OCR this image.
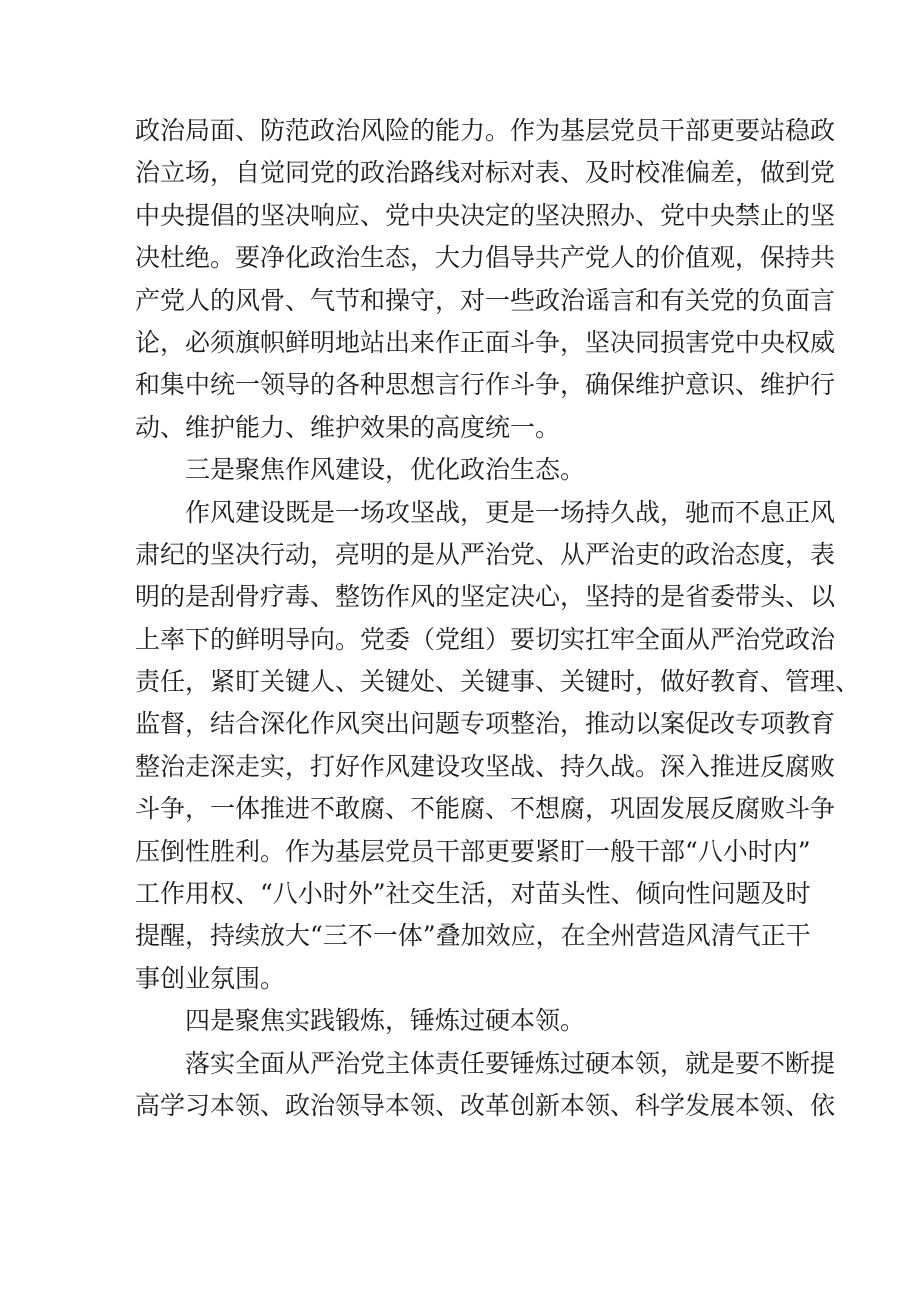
政治局面、防范政治风险的能力。作为基层党员干部更要站稳政
治立场，自觉同党的政治路线对标对表、及时校准偏差，做到党
中央提倡的坚决响应、党中央决定的坚决照办、党中央禁止的坚
决杜绝。要净化政治生态，大力倡导共产党人的价值观，保持共
产党人的风骨、气节和操守，对一些政治谣言和有关党的负面言
论，必须旗帜鲜明地站出来作正面斗争，坚决同损害党中央权威
和集中统一领导的各种思想言行作斗争，确保维护意识、维护行
动、维护能力、维护效果的高度统一。
三是聚焦作风建设，优化政治生态。
作风建设既是一场攻坚战，更是一场持久战，驰而不息正风
肃纪的坚决行动，亮明的是从严治党、从严治吏的政治态度，表
明的是刮骨疗毒、整饬作风的坚定决心，坚持的是省委带头、以
上率下的鲜明导向。党委（党组）要切实扛牢全面从严治党政治
责任，紧盯关键人、关键处、关键事、关键时，做好教育、管理、
监督，结合深化作风突出问题专项整治，推动以案促改专项教育
整治走深走实，打好作风建设攻坚战、持久战。深入推进反腐败
斗争，一体推进不敢腐、不能腐、不想腐，巩固发展反腐败斗争
压倒性胜利。作为基层党员干部更要紧盯一般干部“八小时内”
工作用权、“八小时外”社交生活，对苗头性、倾向性问题及时
提醒，持续放大“三不一体”叠加效应，在全州营造风清气正干
事创业氛围。
四是聚焦实践锻炼，锤炼过硬本领。
落实全面从严治党主体责任要锤炼过硬本领，就是要不断提
高学习本领、政治领导本领、改革创新本领、科学发展本领、依
